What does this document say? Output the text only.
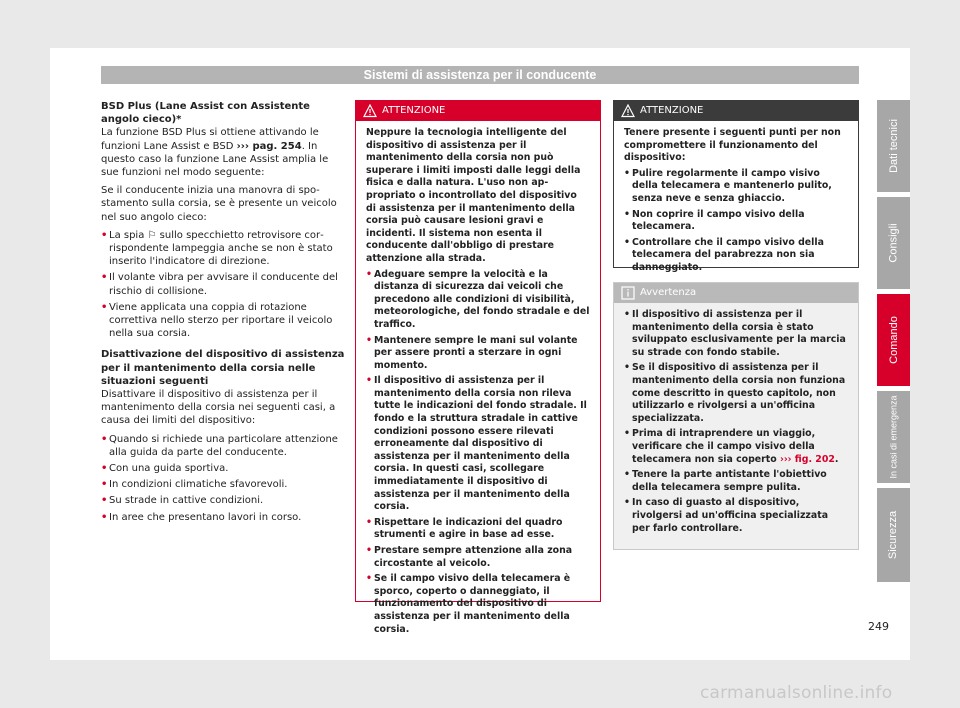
Sistemi di assistenza per il conducente

BSD Plus (Lane Assist con Assistente angolo cieco)*

La funzione BSD Plus si ottiene attivando le funzioni Lane Assist e BSD ››› pag. 254. In questo caso la funzione Lane Assist amplia le sue funzioni nel modo seguente:

Se il conducente inizia una manovra di spostamento sulla corsia, se è presente un veicolo nel suo angolo cieco:

• La spia ⚐ sullo specchietto retrovisore corrispondente lampeggia anche se non è stato inserito l'indicatore di direzione.
• Il volante vibra per avvisare il conducente del rischio di collisione.
• Viene applicata una coppia di rotazione correttiva nello sterzo per riportare il veicolo nella sua corsia.

Disattivazione del dispositivo di assistenza per il mantenimento della corsia nelle situazioni seguenti

Disattivare il dispositivo di assistenza per il mantenimento della corsia nei seguenti casi, a causa dei limiti del dispositivo:

• Quando si richiede una particolare attenzione alla guida da parte del conducente.
• Con una guida sportiva.
• In condizioni climatiche sfavorevoli.
• Su strade in cattive condizioni.
• In aree che presentano lavori in corso.
ATTENZIONE

Neppure la tecnologia intelligente del dispositivo di assistenza per il mantenimento della corsia non può superare i limiti imposti dalle leggi della fisica e dalla natura. L'uso non appropriato o incontrollato del dispositivo di assistenza per il mantenimento della corsia può causare lesioni gravi e incidenti. Il sistema non esenta il conducente dall'obbligo di prestare attenzione alla strada.

• Adeguare sempre la velocità e la distanza di sicurezza dai veicoli che precedono alle condizioni di visibilità, meteorologiche, del fondo stradale e del traffico.
• Mantenere sempre le mani sul volante per assere pronti a sterzare in ogni momento.
• Il dispositivo di assistenza per il mantenimento della corsia non rileva tutte le indicazioni del fondo stradale. Il fondo e la struttura stradale in cattive condizioni possono essere rilevati erroneamente dal dispositivo di assistenza per il mantenimento della corsia. In questi casi, scollegare immediatamente il dispositivo di assistenza per il mantenimento della corsia.
• Rispettare le indicazioni del quadro strumenti e agire in base ad esse.
• Prestare sempre attenzione alla zona circostante al veicolo.
• Se il campo visivo della telecamera è sporco, coperto o danneggiato, il funzionamento del dispositivo di assistenza per il mantenimento della corsia.
ATTENZIONE

Tenere presente i seguenti punti per non compromettere il funzionamento del dispositivo:

• Pulire regolarmente il campo visivo della telecamera e mantenerlo pulito, senza neve e senza ghiaccio.
• Non coprire il campo visivo della telecamera.
• Controllare che il campo visivo della telecamera del parabrezza non sia danneggiato.
Avvertenza
• Il dispositivo di assistenza per il mantenimento della corsia è stato sviluppato esclusivamente per la marcia su strade con fondo stabile.
• Se il dispositivo di assistenza per il mantenimento della corsia non funziona come descritto in questo capitolo, non utilizzarlo e rivolgersi a un'officina specializzata.
• Prima di intraprendere un viaggio, verificare che il campo visivo della telecamera non sia coperto ››› fig. 202.
• Tenere la parte antistante l'obiettivo della telecamera sempre pulita.
• In caso di guasto al dispositivo, rivolgersi ad un'officina specializzata per farlo controllare.
Dati tecnici
Consigli
Comando
In casi di emergenza
Sicurezza
249
carmanualsonline.info
